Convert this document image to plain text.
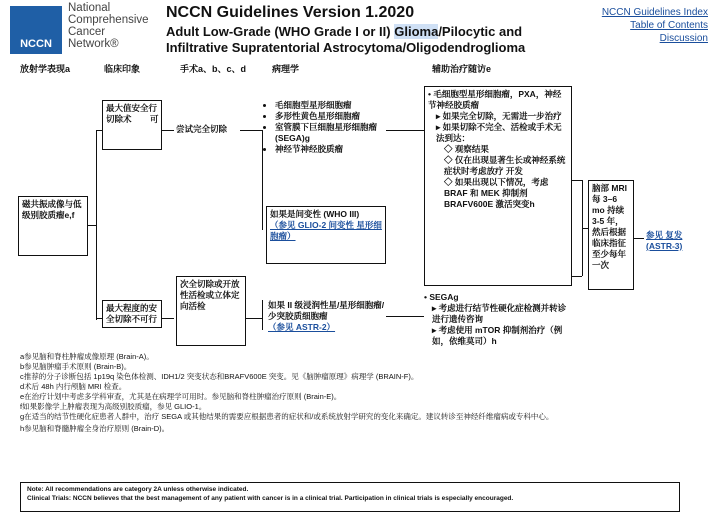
NCCN
National
Comprehensive
Cancer
Network®
NCCN Guidelines Version 1.2020
Adult Low-Grade (WHO Grade I or II) Glioma/Pilocytic and
Infiltrative Supratentorial Astrocytoma/Oligodendroglioma
NCCN Guidelines Index
Table of Contents
Discussion
放射学表现a	临床印象	手术a、b、c、d	病理学	辅助治疗随访e
磁共振成像与低级别胶质瘤e,f
最大值安全行切除术	可
最大程度的安全切除不可行
尝试完全切除
次全切除或开放性活检或立体定向活检
• 毛细胞型星形细胞瘤
• 多形性黄色星形细胞瘤
• 室管膜下巨细胞星形细胞瘤 (SEGA)g
• 神经节神经胶质瘤
如果是间变性 (WHO III)
（参见 GLIO-2 间变性 星形细胞瘤）
如果 II 级浸润性星/星形细胞瘤/少突胶质细胞瘤
（参见 ASTR-2）
• 毛细胞型星形细胞瘤，PXA，神经节神经胶质瘤
▸ 如果完全切除，无需进一步治疗
▸ 如果切除不完全、活检或手术无法到达：
◇ 观察结果
◇ 仅在出现显著生长或神经系统症状时考虑放疗 开发
◇ 如果出现以下情况，考虑 BRAF 和 MEK 抑制剂BRAFV600E 激活突变h
• SEGAg
▸ 考虑进行结节性硬化症检测并转诊进行遗传咨询
▸ 考虑使用 mTOR 抑制剂治疗（例如，依维莫司）h
脑部 MRI 每 3–6 mo 持续 3-5 年，然后根据临床指征至少每年一次
参见 复发 (ASTR-3)
a参见脑和脊柱肿瘤成像原理 (Brain-A)。
b参见脑肿瘤手术原则 (Brain-B)。
c推荐的分子诊断包括 1p19q 染色体检测、IDH1/2 突变状态和BRAFV600E 突变。见《脑肿瘤原理》病理学 (BRAIN-F)。
d术后 48h 内行颅脑 MRI 检查。
e在治疗计划中考虑多学科审查，尤其是在病理学可用时。参见脑和脊柱肿瘤治疗原则 (Brain-E)。
f如果影像学上肿瘤表现为高级别胶质瘤，参见 GLIO-1。
g在适当的结节性硬化症患者人群中，治疗 SEGA 或其他结果的需要应根据患者的症状和/或系统放射学研究的变化来确定。建议转诊至神经纤维瘤病或专科中心。
h参见脑和脊髓肿瘤全身治疗原则 (Brain-D)。
Note: All recommendations are category 2A unless otherwise indicated.
Clinical Trials: NCCN believes that the best management of any patient with cancer is in a clinical trial. Participation in clinical trials is especially encouraged.
